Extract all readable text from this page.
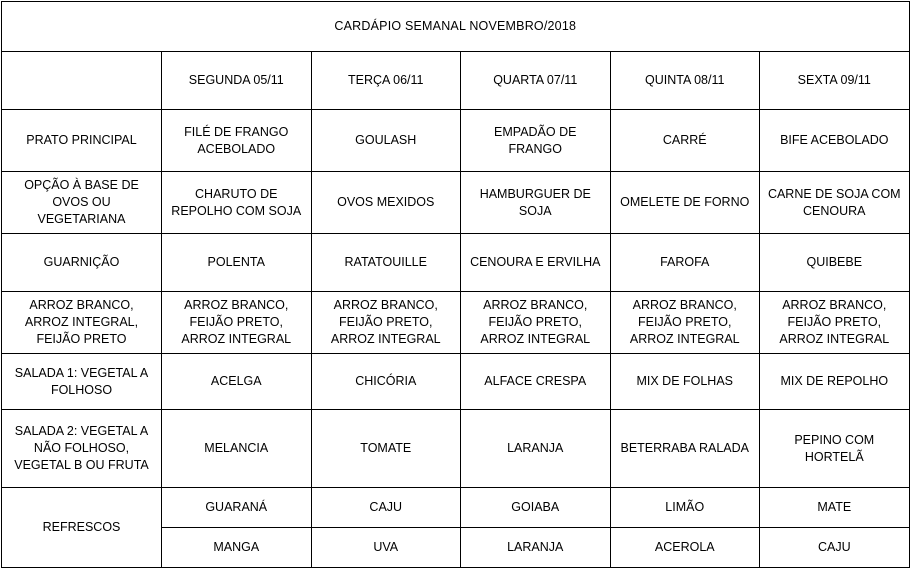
CARDÁPIO SEMANAL NOVEMBRO/2018					
	SEGUNDA 05/11	TERÇA 06/11	QUARTA 07/11	QUINTA 08/11	SEXTA 09/11
PRATO PRINCIPAL	FILÉ DE FRANGO ACEBOLADO	GOULASH	EMPADÃO DE FRANGO	CARRÉ	BIFE ACEBOLADO
OPÇÃO À BASE DE OVOS OU VEGETARIANA	CHARUTO DE REPOLHO COM SOJA	OVOS MEXIDOS	HAMBURGUER DE SOJA	OMELETE DE FORNO	CARNE DE SOJA COM CENOURA
GUARNIÇÃO	POLENTA	RATATOUILLE	CENOURA E ERVILHA	FAROFA	QUIBEBE
ARROZ BRANCO, ARROZ INTEGRAL, FEIJÃO PRETO	ARROZ BRANCO, FEIJÃO PRETO, ARROZ INTEGRAL	ARROZ BRANCO, FEIJÃO PRETO, ARROZ INTEGRAL	ARROZ BRANCO, FEIJÃO PRETO, ARROZ INTEGRAL	ARROZ BRANCO, FEIJÃO PRETO, ARROZ INTEGRAL	ARROZ BRANCO, FEIJÃO PRETO, ARROZ INTEGRAL
SALADA 1: VEGETAL A FOLHOSO	ACELGA	CHICÓRIA	ALFACE CRESPA	MIX DE FOLHAS	MIX DE REPOLHO
SALADA 2: VEGETAL A NÃO FOLHOSO, VEGETAL B OU FRUTA	MELANCIA	TOMATE	LARANJA	BETERRABA RALADA	PEPINO COM HORTELÃ
REFRESCOS	GUARANÁ	CAJU	GOIABA	LIMÃO	MATE
	MANGA	UVA	LARANJA	ACEROLA	CAJU
